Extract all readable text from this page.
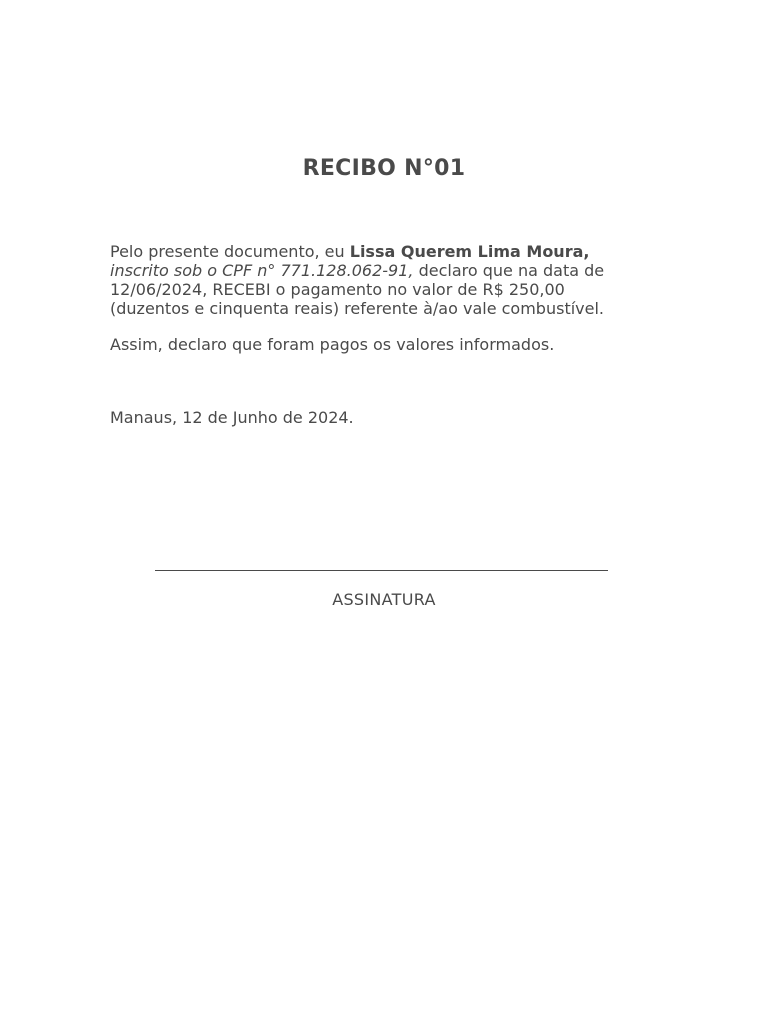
RECIBO N°01

Pelo presente documento, eu Lissa Querem Lima Moura,
inscrito sob o CPF n° 771.128.062-91, declaro que na data de
12/06/2024, RECEBI o pagamento no valor de R$ 250,00
(duzentos e cinquenta reais) referente à/ao vale combustível.

Assim, declaro que foram pagos os valores informados.

Manaus, 12 de Junho de 2024.
ASSINATURA
